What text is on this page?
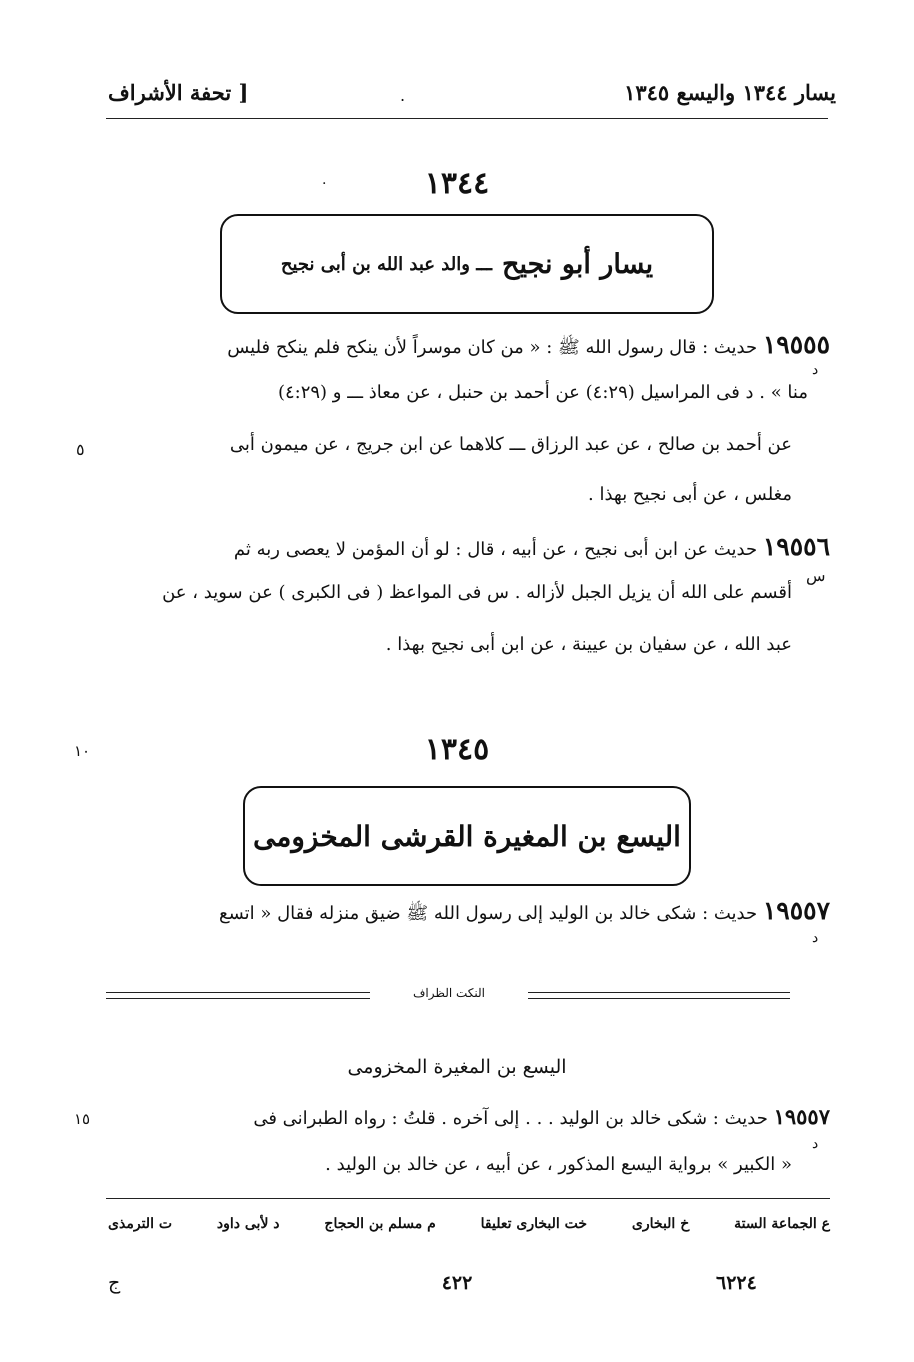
يسار ١٣٤٤ واليسع ١٣٤٥
.
[ تحفة الأشراف
.	١٣٤٤
يسار أبو نجيح
ـــ والد عبد الله بن أبى نجيح
١٩٥٥٥ حديث : قال رسول الله ﷺ : « من كان موسراً لأن ينكح فلم ينكح فليس
د
منا » . د فى المراسيل (٤:٢٩) عن أحمد بن حنبل ، عن معاذ ـــ و (٤:٢٩)
عن أحمد بن صالح ، عن عبد الرزاق ـــ كلاهما عن ابن جريج ، عن ميمون أبى
٥
مغلس ، عن أبى نجيح بهذا .
١٩٥٥٦ حديث عن ابن أبى نجيح ، عن أبيه ، قال : لو أن المؤمن لا يعصى ربه ثم
س
أقسم على الله أن يزيل الجبل لأزاله . س فى المواعظ ( فى الكبرى ) عن سويد ، عن
عبد الله ، عن سفيان بن عيينة ، عن ابن أبى نجيح بهذا .
١٣٤٥
١٠
اليسع بن المغيرة القرشى المخزومى
١٩٥٥٧ حديث : شكى خالد بن الوليد إلى رسول الله ﷺ ضيق منزله فقال « اتسع
د
النكت الظراف
اليسع بن المغيرة المخزومى
١٩٥٥٧ حديث : شكى خالد بن الوليد . . . إلى آخره . قلتُ : رواه الطبرانى فى
١٥
د
« الكبير » برواية اليسع المذكور ، عن أبيه ، عن خالد بن الوليد .
ع الجماعة الستة
خ البخارى
خت البخارى تعليقا
م مسلم بن الحجاج
د لأبى داود
ت الترمذى
٦٢٢٤
٤٢٢
ج
